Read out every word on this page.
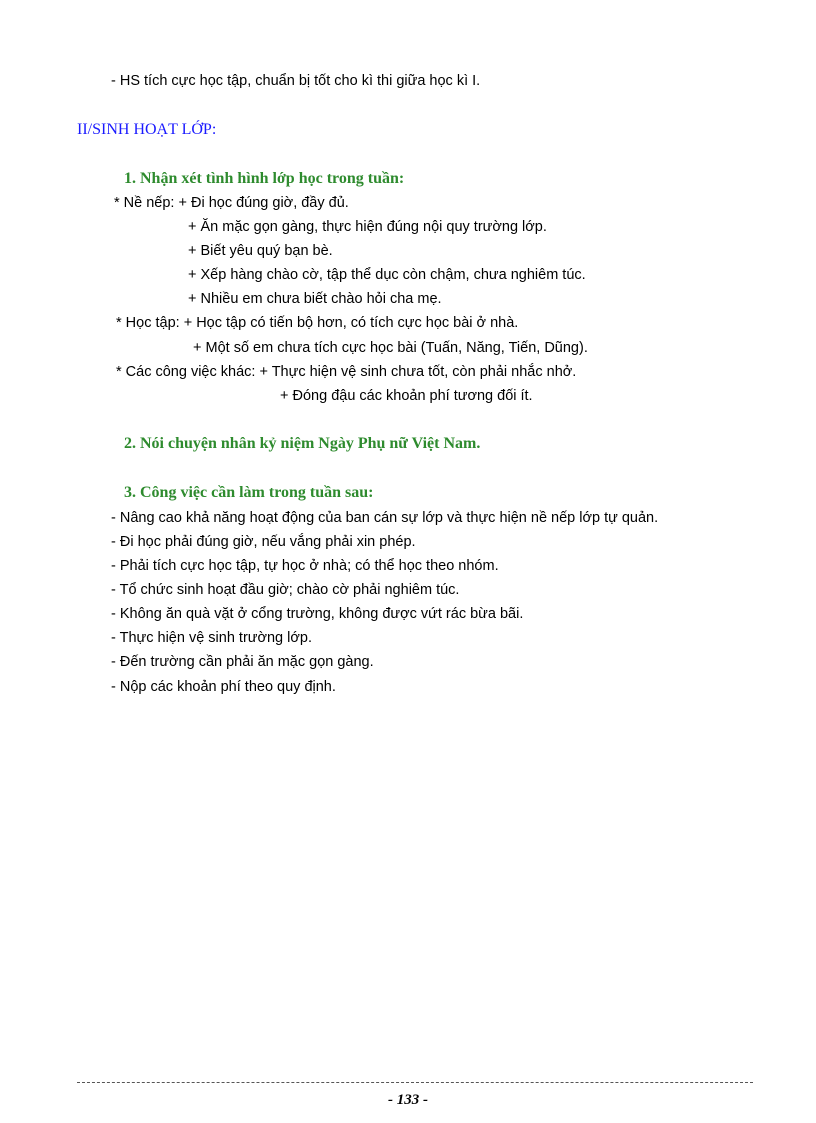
- HS tích cực học tập, chuẩn bị tốt cho kì thi giữa học kì I.
II/SINH HOẠT LỚP:
1. Nhận xét tình hình lớp học trong tuần:
* Nề nếp: + Đi học đúng giờ, đầy đủ.
+ Ăn mặc gọn gàng, thực hiện đúng nội quy trường lớp.
+ Biết yêu quý bạn bè.
+ Xếp hàng chào cờ, tập thể dục còn chậm, chưa nghiêm túc.
+ Nhiều em chưa biết chào hỏi cha mẹ.
* Học tập: + Học tập có tiến bộ hơn, có tích cực học bài ở nhà.
+ Một số em chưa tích cực học bài (Tuấn, Năng, Tiến, Dũng).
* Các công việc khác: + Thực hiện vệ sinh chưa tốt, còn phải nhắc nhở.
+ Đóng đậu các khoản phí tương đối ít.
2. Nói chuyện nhân kỷ niệm Ngày Phụ nữ Việt Nam.
3. Công việc cần làm trong tuần sau:
- Nâng cao khả năng hoạt động của ban cán sự lớp và thực hiện nề nếp lớp tự quản.
- Đi học phải đúng giờ, nếu vắng phải xin phép.
- Phải tích cực học tập, tự học ở nhà; có thể học theo nhóm.
- Tổ chức sinh hoạt đầu giờ; chào cờ phải nghiêm túc.
- Không ăn quà vặt ở cổng trường, không được vứt rác bừa bãi.
- Thực hiện vệ sinh trường lớp.
- Đến trường cần phải ăn mặc gọn gàng.
- Nộp các khoản phí theo quy định.
- 133 -
